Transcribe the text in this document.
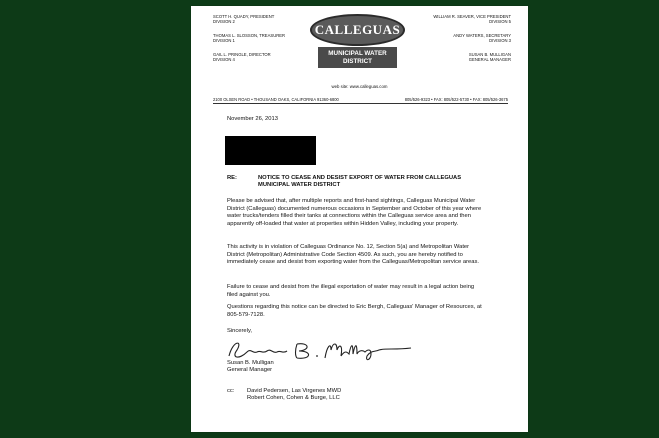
SCOTT H. QUADY, PRESIDENT
DIVISION 2
THOMAS L. SLOSSON, TREASURER
DIVISION 1
GAIL L. PRINGLE, DIRECTOR
DIVISION 4
CALLEGUAS
MUNICIPAL WATER
DISTRICT
WILLIAM R. SEAVER, VICE PRESIDENT
DIVISION 5
ANDY WATERS, SECRETARY
DIVISION 3
SUSAN B. MULLIGAN
GENERAL MANAGER
web site: www.calleguas.com
2100 OLSEN ROAD • THOUSAND OAKS, CALIFORNIA 91360-6800	805/526-9323 • FAX: 805/522-5730 • FAX: 805/526-3675
November 26, 2013
RE:	NOTICE TO CEASE AND DESIST EXPORT OF WATER FROM CALLEGUAS MUNICIPAL WATER DISTRICT
Please be advised that, after multiple reports and first-hand sightings, Calleguas Municipal Water District (Calleguas) documented numerous occasions in September and October of this year where water trucks/tenders filled their tanks at connections within the Calleguas service area and then apparently off-loaded that water at properties within Hidden Valley, including your property.
This activity is in violation of Calleguas Ordinance No. 12, Section 5(a) and Metropolitan Water District (Metropolitan) Administrative Code Section 4509. As such, you are hereby notified to immediately cease and desist from exporting water from the Calleguas/Metropolitan service areas.
Failure to cease and desist from the illegal exportation of water may result in a legal action being filed against you.
Questions regarding this notice can be directed to Eric Bergh, Calleguas' Manager of Resources, at 805-579-7128.
Sincerely,
Susan B. Mulligan
General Manager
cc: David Pedersen, Las Virgenes MWD
Robert Cohen, Cohen & Burge, LLC
